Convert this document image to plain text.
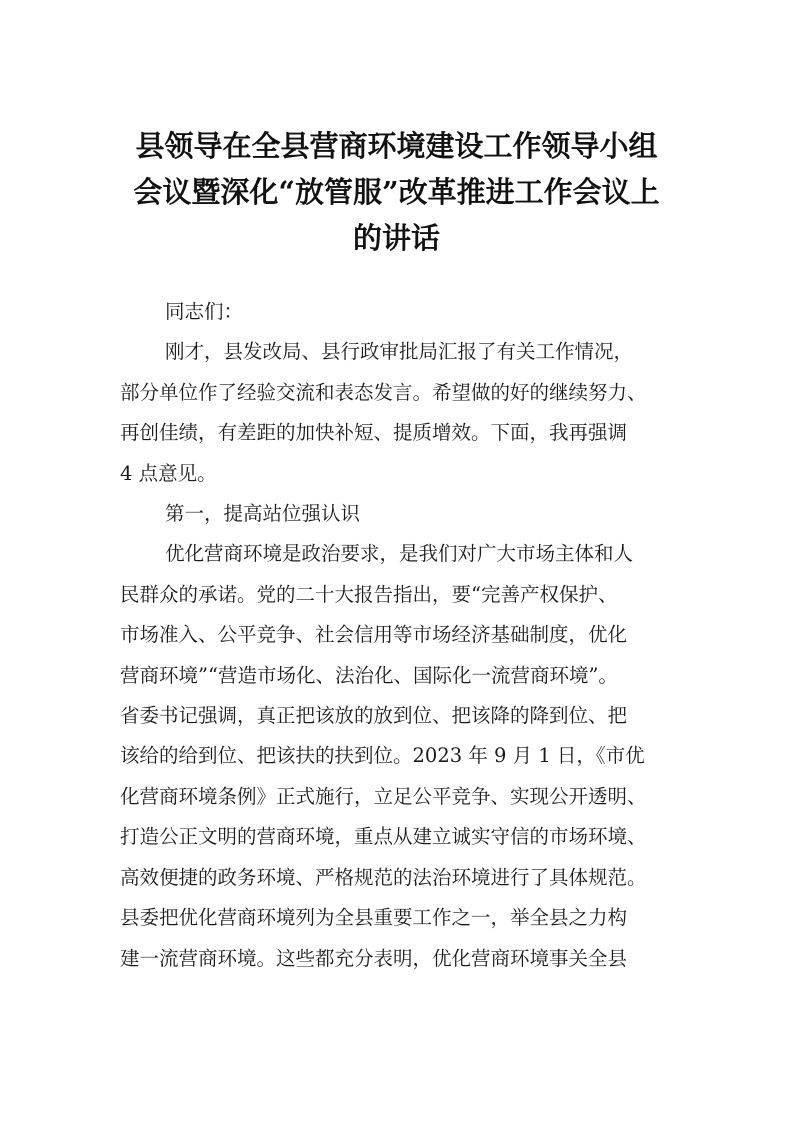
县领导在全县营商环境建设工作领导小组
会议暨深化“放管服”改革推进工作会议上
的讲话
同志们：
刚才，县发改局、县行政审批局汇报了有关工作情况，
部分单位作了经验交流和表态发言。希望做的好的继续努力、
再创佳绩，有差距的加快补短、提质增效。下面，我再强调
4 点意见。
第一，提高站位强认识
优化营商环境是政治要求，是我们对广大市场主体和人
民群众的承诺。党的二十大报告指出，要“完善产权保护、
市场准入、公平竞争、社会信用等市场经济基础制度，优化
营商环境”“营造市场化、法治化、国际化一流营商环境”。
省委书记强调，真正把该放的放到位、把该降的降到位、把
该给的给到位、把该扶的扶到位。2023 年 9 月 1 日，《市优
化营商环境条例》正式施行，立足公平竞争、实现公开透明、
打造公正文明的营商环境，重点从建立诚实守信的市场环境、
高效便捷的政务环境、严格规范的法治环境进行了具体规范。
县委把优化营商环境列为全县重要工作之一，举全县之力构
建一流营商环境。这些都充分表明，优化营商环境事关全县
